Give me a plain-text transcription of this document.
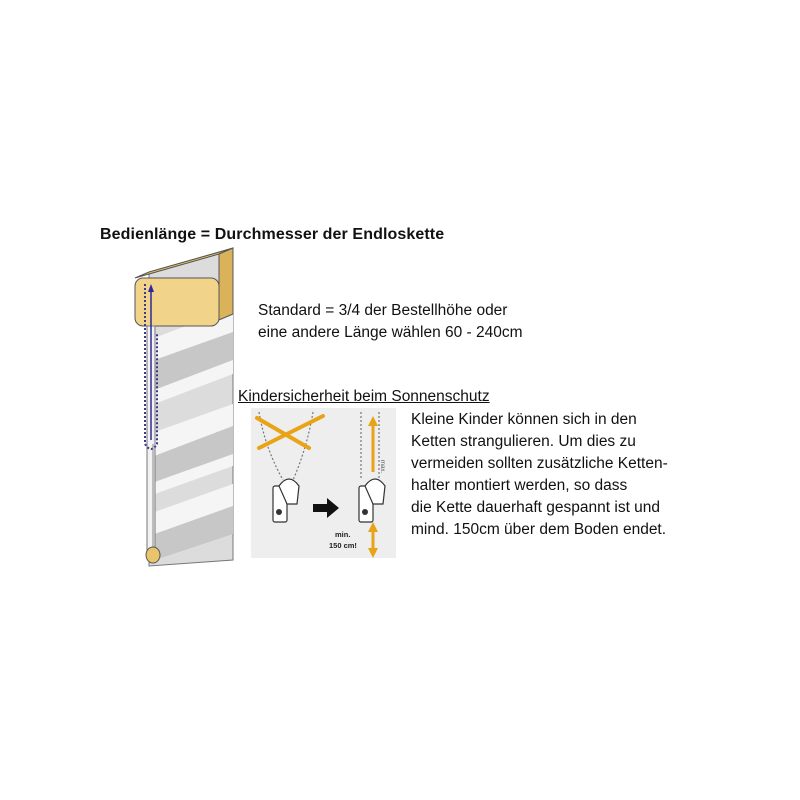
Bedienlänge = Durchmesser der Endloskette
Standard = 3/4 der Bestellhöhe oder
eine andere Länge wählen 60 - 240cm
Kindersicherheit beim Sonnenschutz
max.
min.
150 cm!
Kleine Kinder können sich in den
Ketten strangulieren. Um dies zu
vermeiden sollten zusätzliche Ketten-
halter montiert werden, so dass
die Kette dauerhaft gespannt ist und
mind. 150cm über dem Boden endet.
